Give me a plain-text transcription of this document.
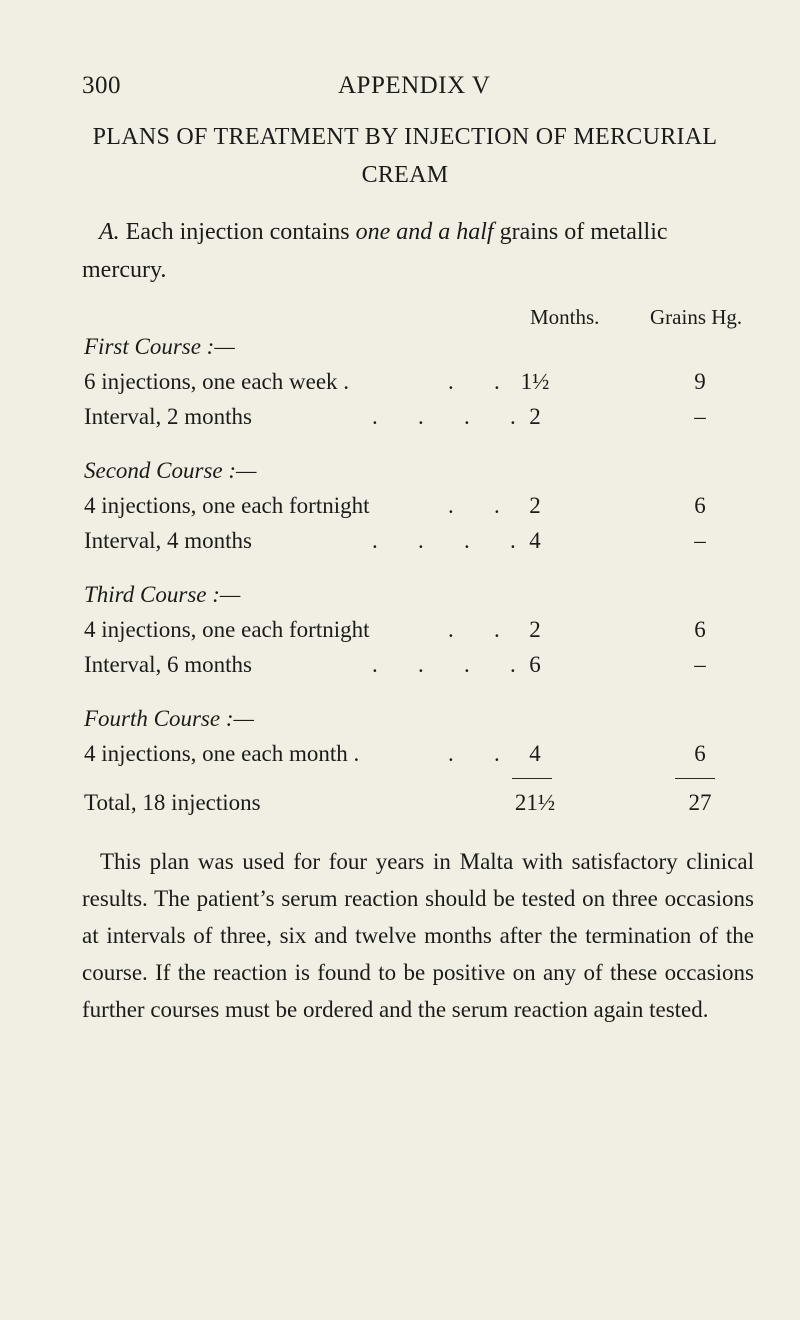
300	APPENDIX V
PLANS OF TREATMENT BY INJECTION OF MERCURIAL CREAM
A. Each injection contains one and a half grains of metallic mercury.
Months. Grains Hg.
First Course :—
6 injections, one each week .	.       . 1½	9
Interval, 2 months	.       .       .       . 2	–
Second Course :—
4 injections, one each fortnight	.       .	2	6
Interval, 4 months	.       .       .       . 4	–
Third Course :—
4 injections, one each fortnight	.       .	2	6
Interval, 6 months	.       .       .       . 6	–
Fourth Course :—
4 injections, one each month .	.       .	4	6
Total, 18 injections	21½	27
This plan was used for four years in Malta with satisfactory clinical results. The patient’s serum reaction should be tested on three occasions at intervals of three, six and twelve months after the termination of the course. If the reaction is found to be positive on any of these occasions further courses must be ordered and the serum reaction again tested.
